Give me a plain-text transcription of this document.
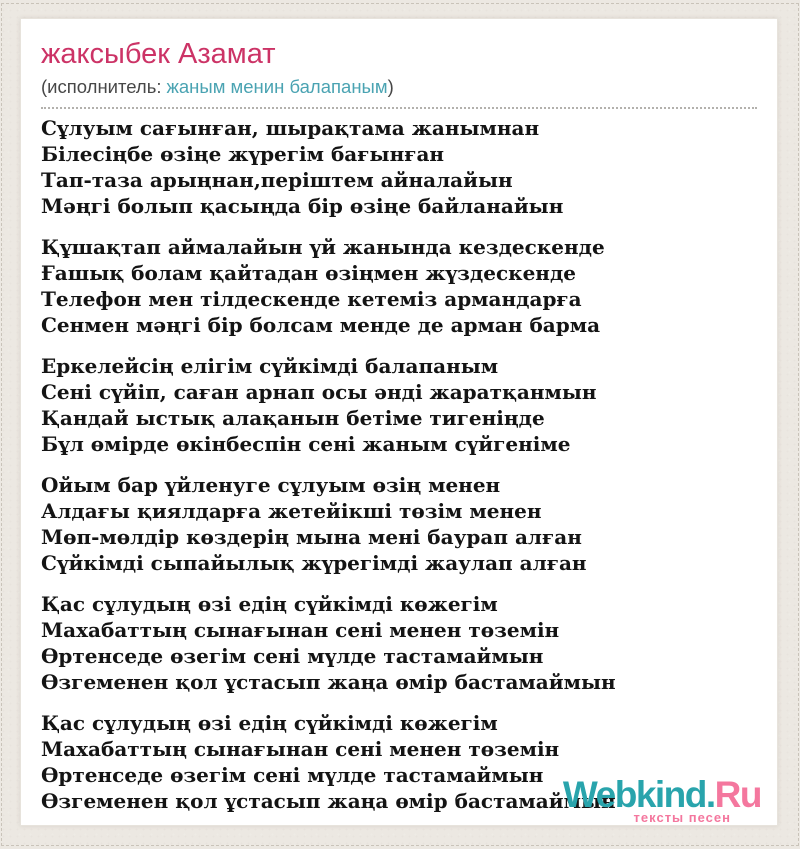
жаксыбек Азамат
(исполнитель: жаным менин балапаным)

Сұлуым сағынған, шырақтама жанымнан
Білесіңбе өзіңе жүрегім бағынған
Тап-таза арыңнан,періштем айналайын
Мәңгі болып қасыңда бір өзіңе байланайын

Құшақтап аймалайын үй жанында кездескенде
Ғашық болам қайтадан өзіңмен жүздескенде
Телефон мен тілдескенде кетеміз армандарға
Сенмен мәңгі бір болсам менде де арман барма

Еркелейсің елігім сүйкімді балапаным
Сені сүйіп, саған арнап осы әнді жаратқанмын
Қандай ыстық алақанын бетіме тигеніңде
Бұл өмірде өкінбеспін сені жаным сүйгеніме

Ойым бар үйленуге сұлуым өзің менен
Алдағы қиялдарға жетейікші төзім менен
Мөп-мөлдір көздерің мына мені баурап алған
Сүйкімді сыпайылық жүрегімді жаулап алған

Қас сұлудың өзі едің сүйкімді көжегім
Махабаттың сынағынан сені менен төземін
Өртенседе өзегім сені мүлде тастамаймын
Өзгеменен қол ұстасып жаңа өмір бастамаймын

Қас сұлудың өзі едің сүйкімді көжегім
Махабаттың сынағынан сені менен төземін
Өртенседе өзегім сені мүлде тастамаймын
Өзгеменен қол ұстасып жаңа өмір бастамаймын

Webkind.Ru
тексты песен
